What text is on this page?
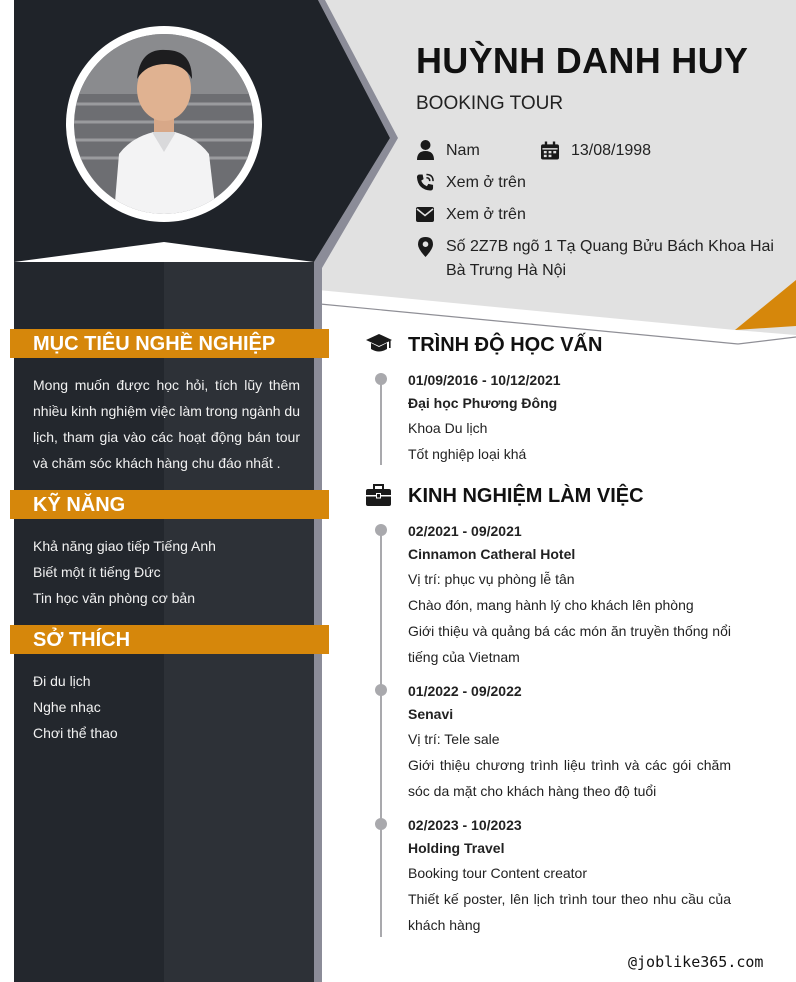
HUỲNH DANH HUY
BOOKING TOUR
Nam	13/08/1998
Xem ở trên
Xem ở trên
Số 2Z7B ngõ 1 Tạ Quang Bửu Bách Khoa Hai Bà Trưng Hà Nội
MỤC TIÊU NGHỀ NGHIỆP
Mong muốn được học hỏi, tích lũy thêm nhiều kinh nghiệm việc làm trong ngành du lịch, tham gia vào các hoạt động bán tour và chăm sóc khách hàng chu đáo nhất .
KỸ NĂNG
Khả năng giao tiếp Tiếng Anh
Biết một ít tiếng Đức
Tin học văn phòng cơ bản
SỞ THÍCH
Đi du lịch
Nghe nhạc
Chơi thể thao
TRÌNH ĐỘ HỌC VẤN
01/09/2016 - 10/12/2021
Đại học Phương Đông
Khoa Du lịch
Tốt nghiệp loại khá
KINH NGHIỆM LÀM VIỆC
02/2021 - 09/2021
Cinnamon Catheral Hotel
Vị trí: phục vụ phòng lễ tân
Chào đón, mang hành lý cho khách lên phòng
Giới thiệu và quảng bá các món ăn truyền thống nổi tiếng của Vietnam
01/2022 - 09/2022
Senavi
Vị trí: Tele sale
Giới thiệu chương trình liệu trình và các gói chăm sóc da mặt cho khách hàng theo độ tuổi
02/2023 - 10/2023
Holding Travel
Booking tour Content creator
Thiết kế poster, lên lịch trình tour theo nhu cầu của khách hàng
@joblike365.com
